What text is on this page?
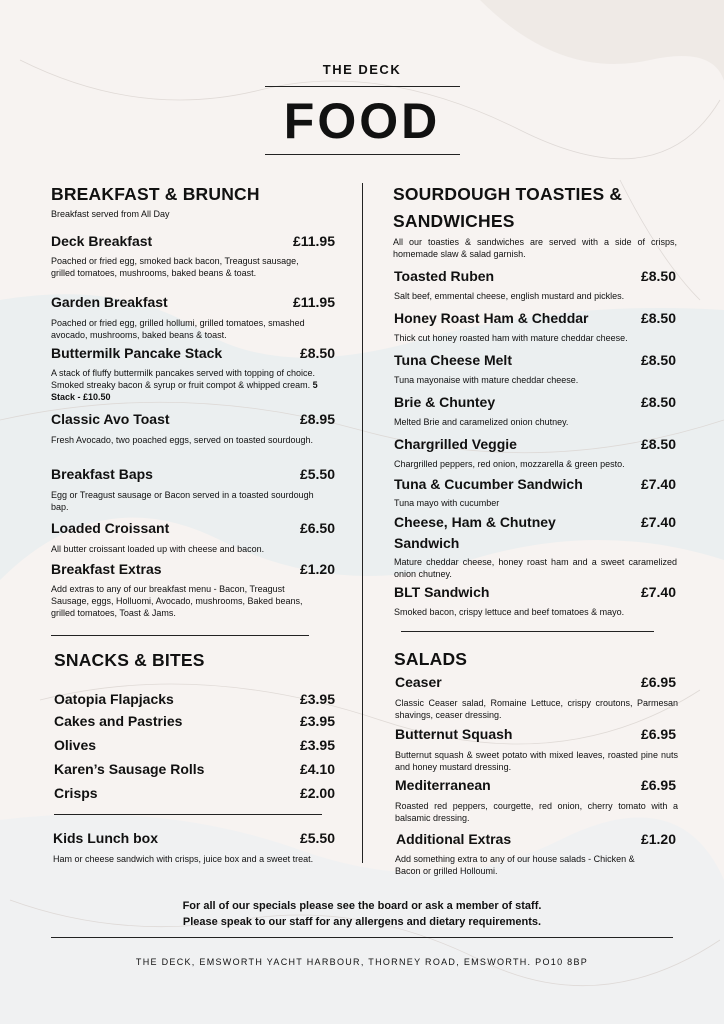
THE DECK
FOOD
BREAKFAST & BRUNCH
Breakfast served from All Day
Deck Breakfast	£11.95
Poached or fried egg, smoked back bacon, Treagust sausage, grilled tomatoes, mushrooms, baked beans & toast.
Garden Breakfast	£11.95
Poached or fried egg, grilled hollumi, grilled tomatoes, smashed avocado, mushrooms, baked beans & toast.
Buttermilk Pancake Stack	£8.50
A stack of fluffy buttermilk pancakes served with topping of choice. Smoked streaky bacon & syrup or fruit compot & whipped cream. 5 Stack - £10.50
Classic Avo Toast	£8.95
Fresh Avocado, two poached eggs, served on toasted sourdough.
Breakfast Baps	£5.50
Egg or Treagust sausage or Bacon served in a toasted sourdough bap.
Loaded Croissant	£6.50
All butter croissant loaded up with cheese and bacon.
Breakfast Extras	£1.20
Add extras to any of our breakfast menu - Bacon, Treagust Sausage, eggs, Holluomi, Avocado, mushrooms, Baked beans, grilled tomatoes, Toast & Jams.
SNACKS & BITES
Oatopia Flapjacks	£3.95
Cakes and Pastries	£3.95
Olives	£3.95
Karen’s Sausage Rolls	£4.10
Crisps	£2.00
Kids Lunch box	£5.50
Ham or cheese sandwich with crisps, juice box and a sweet treat.
SOURDOUGH TOASTIES &
SANDWICHES
All our toasties & sandwiches are served with a side of crisps, homemade slaw & salad garnish.
Toasted Ruben	£8.50
Salt beef, emmental cheese, english mustard and pickles.
Honey Roast Ham & Cheddar	£8.50
Thick cut honey roasted ham with mature cheddar cheese.
Tuna Cheese Melt	£8.50
Tuna mayonaise with mature cheddar cheese.
Brie & Chuntey	£8.50
Melted Brie and caramelized onion chutney.
Chargrilled Veggie	£8.50
Chargrilled peppers, red onion, mozzarella & green pesto.
Tuna & Cucumber Sandwich	£7.40
Tuna mayo with cucumber
Cheese, Ham & Chutney
Sandwich
£7.40
Mature cheddar cheese, honey roast ham and a sweet caramelized onion chutney.
BLT Sandwich	£7.40
Smoked bacon, crispy lettuce and beef tomatoes & mayo.
SALADS
Ceaser	£6.95
Classic Ceaser salad, Romaine Lettuce, crispy croutons, Parmesan shavings, ceaser dressing.
Butternut Squash	£6.95
Butternut squash & sweet potato with mixed leaves, roasted pine nuts and honey mustard dressing.
Mediterranean	£6.95
Roasted red peppers, courgette, red onion, cherry tomato with a balsamic dressing.
Additional Extras	£1.20
Add something extra to any of our house salads - Chicken & Bacon or grilled Holloumi.
For all of our specials please see the board or ask a member of staff.
Please speak to our staff for any allergens and dietary requirements.
THE DECK, EMSWORTH YACHT HARBOUR, THORNEY ROAD, EMSWORTH. PO10 8BP
